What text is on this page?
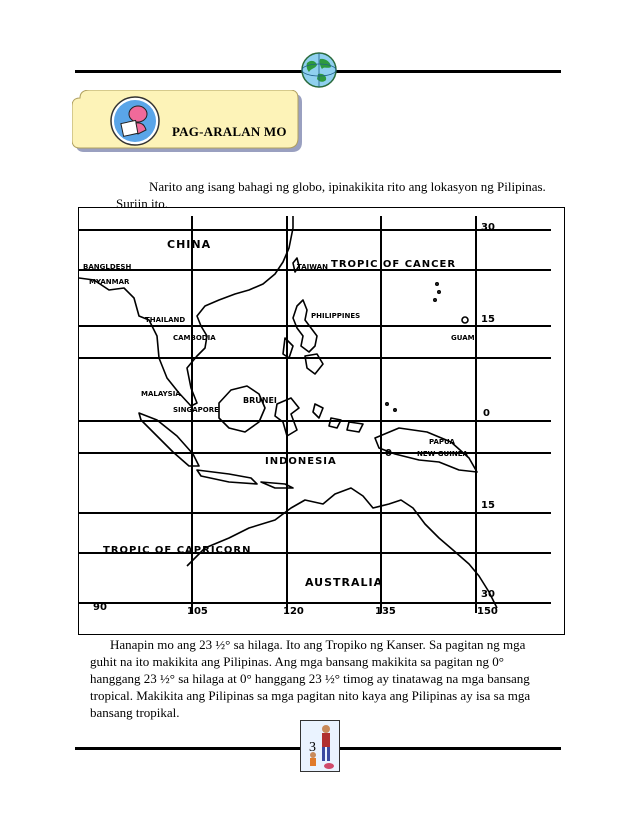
PAG-ARALAN MO
Narito ang isang bahagi ng globo, ipinakikita rito ang lokasyon ng Pilipinas.
Suriin ito.
CHINA
BANGLDESH
MYANMAR
THAILAND
CAMBODIA
TAIWAN TROPIC OF CANCER
PHILIPPINES
GUAM
MALAYSIA
BRUNEI
SINGAPORE
INDONESIA
PAPUA
NEW GUINEA
AUSTRALIA
TROPIC OF CAPRICORN
30
15
0
15
30
0
90	105	120	135	150
Hanapin mo ang 23 ½° sa hilaga. Ito ang Tropiko ng Kanser. Sa pagitan ng mga
guhit na ito makikita ang Pilipinas. Ang mga bansang makikita sa pagitan ng 0°
hanggang 23 ½° sa hilaga at 0° hanggang 23 ½° timog ay tinatawag na mga bansang
tropical. Makikita ang Pilipinas sa mga pagitan nito kaya ang Pilipinas ay isa sa mga
bansang tropikal.
3
